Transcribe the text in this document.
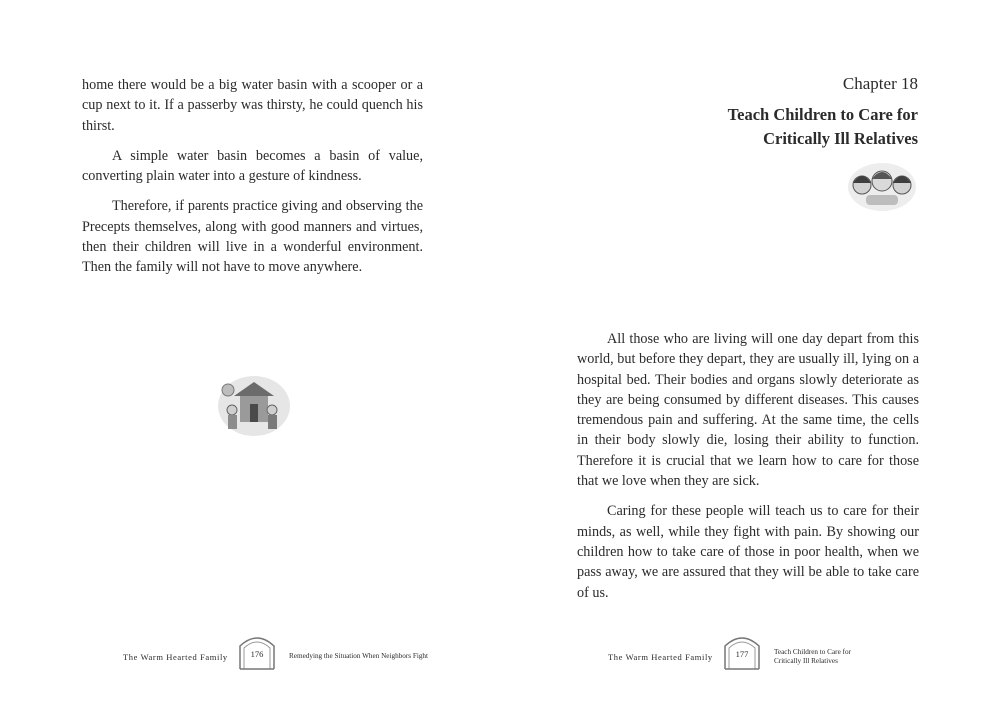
home there would be a big water basin with a scooper or a cup next to it. If a passerby was thirsty, he could quench his thirst.

A simple water basin becomes a basin of value, converting plain water into a gesture of kindness.

Therefore, if parents practice giving and observing the Precepts themselves, along with good manners and virtues, then their children will live in a wonderful environment. Then the family will not have to move anywhere.

The Warm Hearted Family	176	Remedying the Situation When Neighbors Fight
Chapter 18
Teach Children to Care for
Critically Ill Relatives

All those who are living will one day depart from this world, but before they depart, they are usually ill, lying on a hospital bed. Their bodies and organs slowly deteriorate as they are being consumed by different diseases. This causes tremendous pain and suffering. At the same time, the cells in their body slowly die, losing their ability to function. Therefore it is crucial that we learn how to care for those that we love when they are sick.

Caring for these people will teach us to care for their minds, as well, while they fight with pain. By showing our children how to take care of those in poor health, when we pass away, we are assured that they will be able to take care of us.

The Warm Hearted Family	177	Teach Children to Care for
Critically Ill Relatives
